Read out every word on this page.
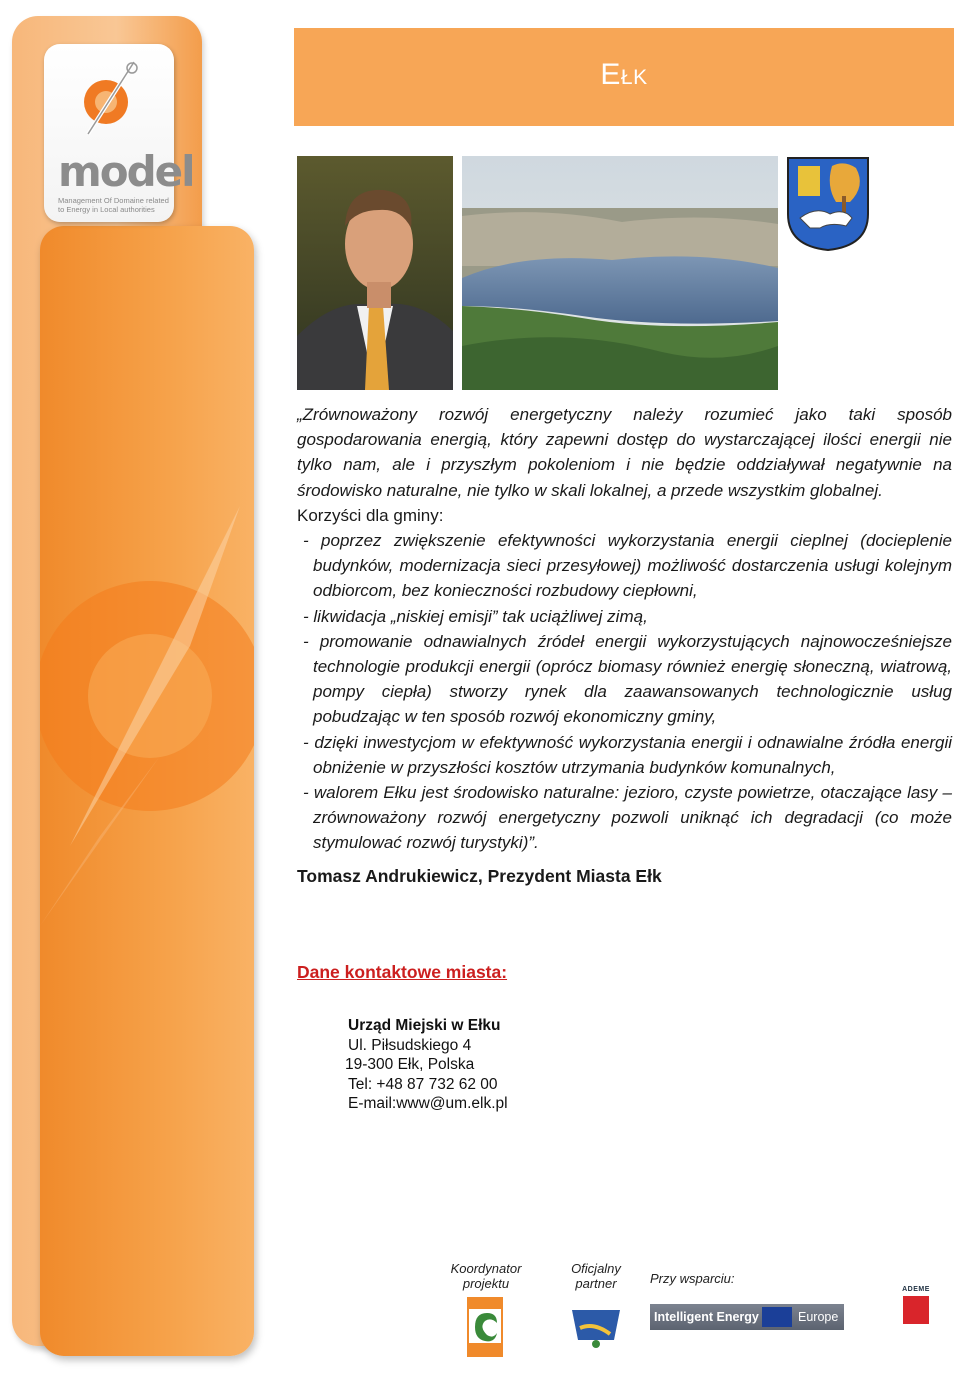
model
Management Of Domaine related to Energy in Local authorities
Ełk

„Zrównoważony rozwój energetyczny należy rozumieć jako taki sposób gospodarowania energią, który zapewni dostęp do wystarczającej ilości energii nie tylko nam, ale i przyszłym pokoleniom i nie będzie oddziaływał negatywnie na środowisko naturalne, nie tylko w skali lokalnej, a przede wszystkim globalnej.

Korzyści dla gminy:

- poprzez zwiększenie efektywności wykorzystania energii cieplnej (docieplenie budynków, modernizacja sieci przesyłowej) możliwość dostarczenia usługi kolejnym odbiorcom, bez konieczności rozbudowy ciepłowni,
- likwidacja „niskiej emisji” tak uciążliwej zimą,
- promowanie odnawialnych źródeł energii wykorzystujących najnowocześniejsze technologie produkcji energii (oprócz biomasy również energię słoneczną, wiatrową, pompy ciepła) stworzy rynek dla zaawansowanych technologicznie usług pobudzając w ten sposób rozwój ekonomiczny gminy,
- dzięki inwestycjom w efektywność wykorzystania energii i odnawialne źródła energii obniżenie w przyszłości kosztów utrzymania budynków komunalnych,
- walorem Ełku jest środowisko naturalne: jezioro, czyste powietrze, otaczające lasy – zrównoważony rozwój energetyczny pozwoli uniknąć ich degradacji (co może stymulować rozwój turystyki)”.

Tomasz Andrukiewicz, Prezydent Miasta Ełk

Dane kontaktowe miasta:
Urząd Miejski w Ełku
Ul. Piłsudskiego 4
19-300 Ełk, Polska
Tel: +48 87 732 62 00
E-mail:www@um.elk.pl
Koordynator projektu
Oficjalny partner	Przy wsparciu:
Intelligent Energy	Europe
ADEME
